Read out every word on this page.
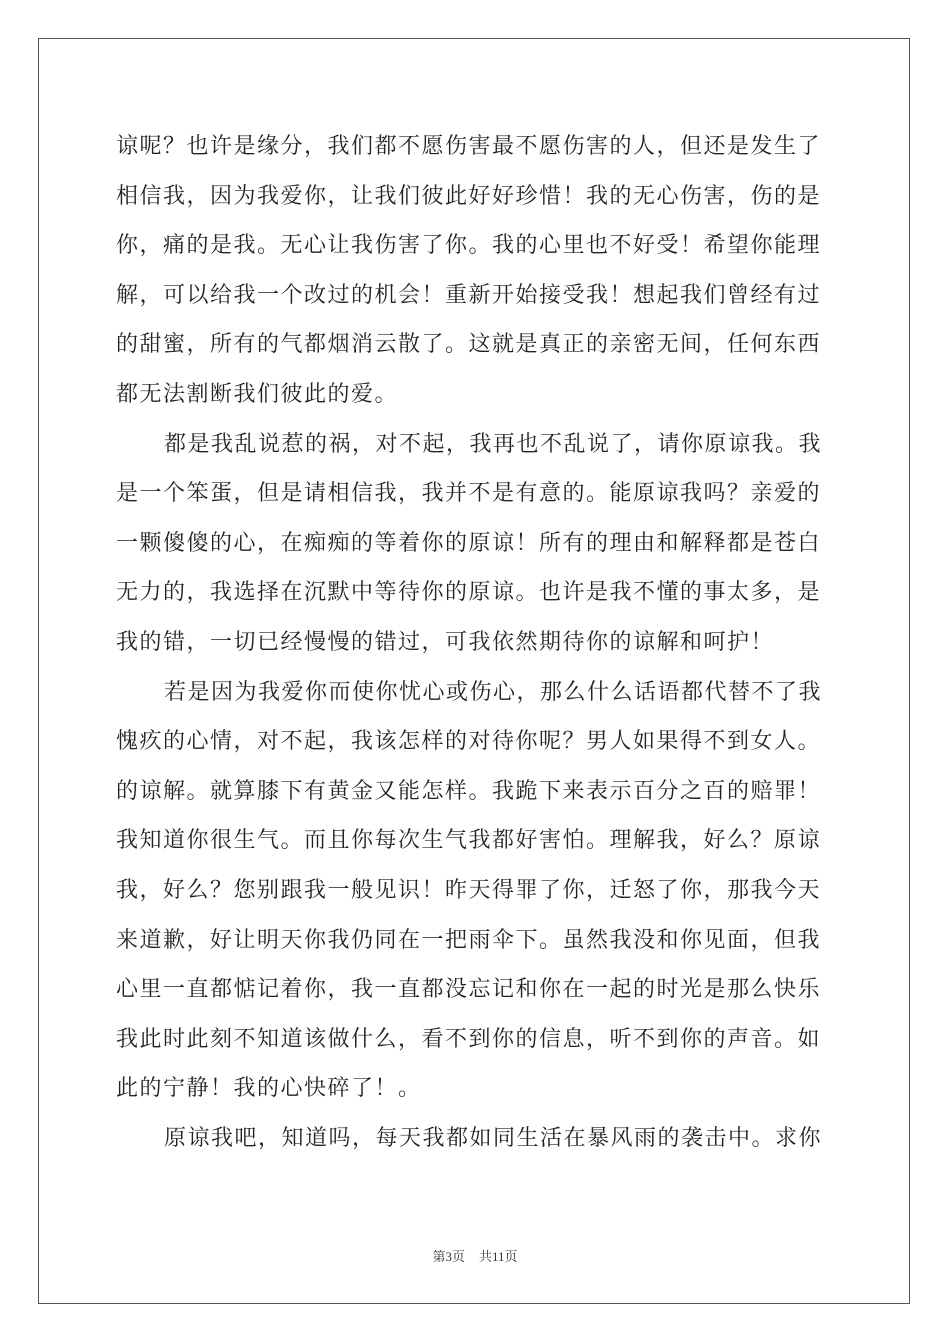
谅呢？也许是缘分，我们都不愿伤害最不愿伤害的人，但还是发生了
相信我，因为我爱你，让我们彼此好好珍惜！我的无心伤害，伤的是
你，痛的是我。无心让我伤害了你。我的心里也不好受！希望你能理
解，可以给我一个改过的机会！重新开始接受我！想起我们曾经有过
的甜蜜，所有的气都烟消云散了。这就是真正的亲密无间，任何东西
都无法割断我们彼此的爱。
都是我乱说惹的祸，对不起，我再也不乱说了，请你原谅我。我
是一个笨蛋，但是请相信我，我并不是有意的。能原谅我吗？亲爱的
一颗傻傻的心，在痴痴的等着你的原谅！所有的理由和解释都是苍白
无力的，我选择在沉默中等待你的原谅。也许是我不懂的事太多，是
我的错，一切已经慢慢的错过，可我依然期待你的谅解和呵护！
若是因为我爱你而使你忧心或伤心，那么什么话语都代替不了我
愧疚的心情，对不起，我该怎样的对待你呢？男人如果得不到女人。
的谅解。就算膝下有黄金又能怎样。我跪下来表示百分之百的赔罪！
我知道你很生气。而且你每次生气我都好害怕。理解我，好么？原谅
我，好么？您别跟我一般见识！昨天得罪了你，迁怒了你，那我今天
来道歉，好让明天你我仍同在一把雨伞下。虽然我没和你见面，但我
心里一直都惦记着你，我一直都没忘记和你在一起的时光是那么快乐
我此时此刻不知道该做什么，看不到你的信息，听不到你的声音。如
此的宁静！我的心快碎了！。
原谅我吧，知道吗，每天我都如同生活在暴风雨的袭击中。求你
第3页 共11页
